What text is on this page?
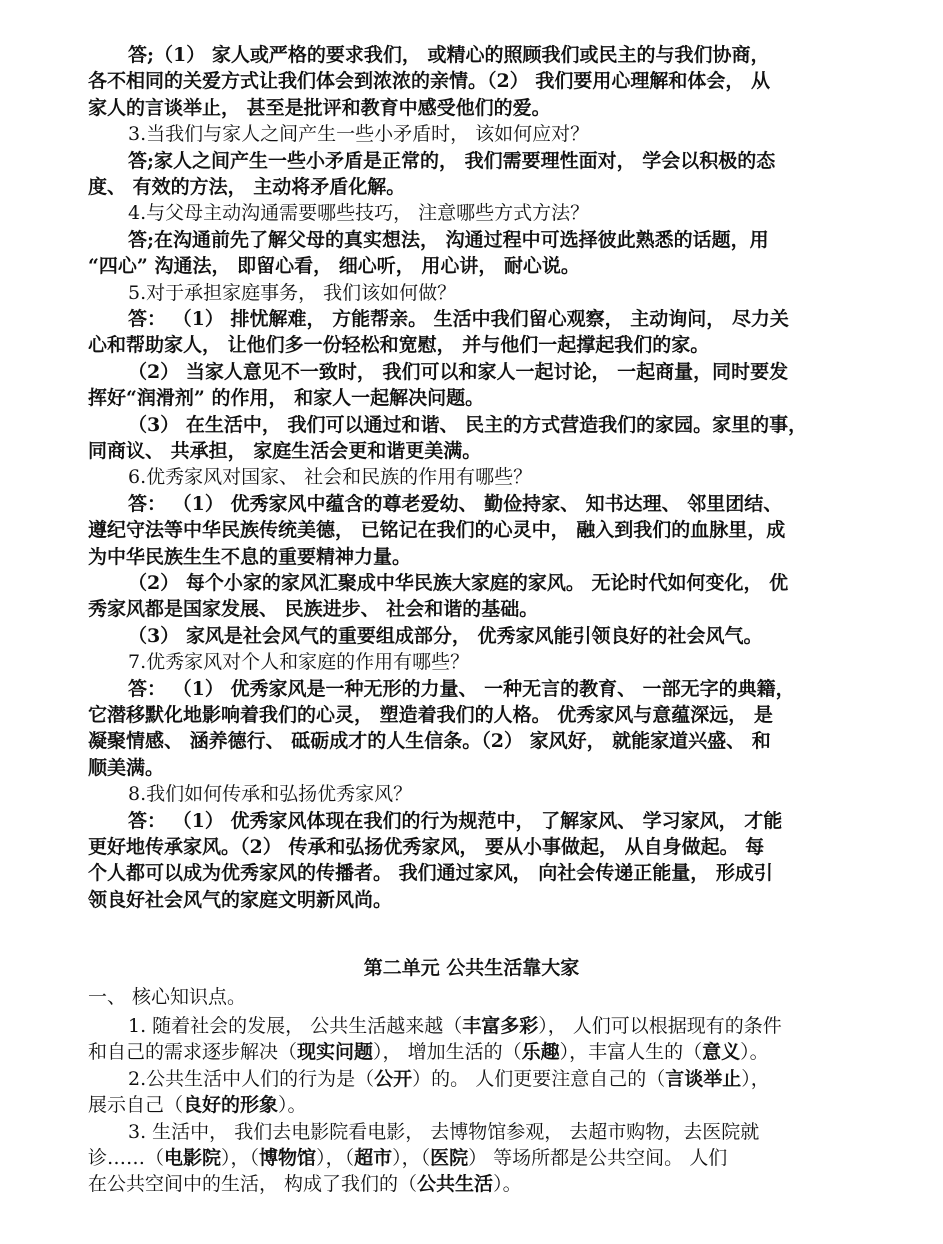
答;（1） 家人或严格的要求我们， 或精心的照顾我们或民主的与我们协商，
各不相同的关爱方式让我们体会到浓浓的亲情。（2） 我们要用心理解和体会， 从
家人的言谈举止， 甚至是批评和教育中感受他们的爱。
3.当我们与家人之间产生一些小矛盾时， 该如何应对？
答;家人之间产生一些小矛盾是正常的， 我们需要理性面对， 学会以积极的态
度、 有效的方法， 主动将矛盾化解。
4.与父母主动沟通需要哪些技巧， 注意哪些方式方法？
答;在沟通前先了解父母的真实想法， 沟通过程中可选择彼此熟悉的话题，用
“四心” 沟通法， 即留心看， 细心听， 用心讲， 耐心说。
5.对于承担家庭事务， 我们该如何做？
答： （1） 排忧解难， 方能帮亲。 生活中我们留心观察， 主动询问， 尽力关
心和帮助家人， 让他们多一份轻松和宽慰， 并与他们一起撑起我们的家。
（2） 当家人意见不一致时， 我们可以和家人一起讨论， 一起商量，同时要发
挥好“润滑剂” 的作用， 和家人一起解决问题。
（3） 在生活中， 我们可以通过和谐、 民主的方式营造我们的家园。家里的事，
同商议、 共承担， 家庭生活会更和谐更美满。
6.优秀家风对国家、 社会和民族的作用有哪些？
答： （1） 优秀家风中蕴含的尊老爱幼、 勤俭持家、 知书达理、 邻里团结、
遵纪守法等中华民族传统美德， 已铭记在我们的心灵中， 融入到我们的血脉里，成
为中华民族生生不息的重要精神力量。
（2） 每个小家的家风汇聚成中华民族大家庭的家风。 无论时代如何变化， 优
秀家风都是国家发展、 民族进步、 社会和谐的基础。
（3） 家风是社会风气的重要组成部分， 优秀家风能引领良好的社会风气。
7.优秀家风对个人和家庭的作用有哪些？
答： （1） 优秀家风是一种无形的力量、 一种无言的教育、 一部无字的典籍，
它潜移默化地影响着我们的心灵， 塑造着我们的人格。 优秀家风与意蕴深远， 是
凝聚情感、 涵养德行、 砥砺成才的人生信条。（2） 家风好， 就能家道兴盛、 和
顺美满。
8.我们如何传承和弘扬优秀家风？
答： （1） 优秀家风体现在我们的行为规范中， 了解家风、 学习家风， 才能
更好地传承家风。（2） 传承和弘扬优秀家风， 要从小事做起， 从自身做起。 每
个人都可以成为优秀家风的传播者。 我们通过家风， 向社会传递正能量， 形成引
领良好社会风气的家庭文明新风尚。
第二单元 公共生活靠大家
一、 核心知识点。
1. 随着社会的发展， 公共生活越来越（丰富多彩）， 人们可以根据现有的条件
和自己的需求逐步解决（现实问题）， 增加生活的（乐趣），丰富人生的（意义）。
2.公共生活中人们的行为是（公开）的。 人们更要注意自己的（言谈举止），
展示自己（良好的形象）。
3. 生活中， 我们去电影院看电影， 去博物馆参观， 去超市购物，去医院就
诊……（电影院），（博物馆），（超市），（医院） 等场所都是公共空间。 人们
在公共空间中的生活， 构成了我们的（公共生活）。
